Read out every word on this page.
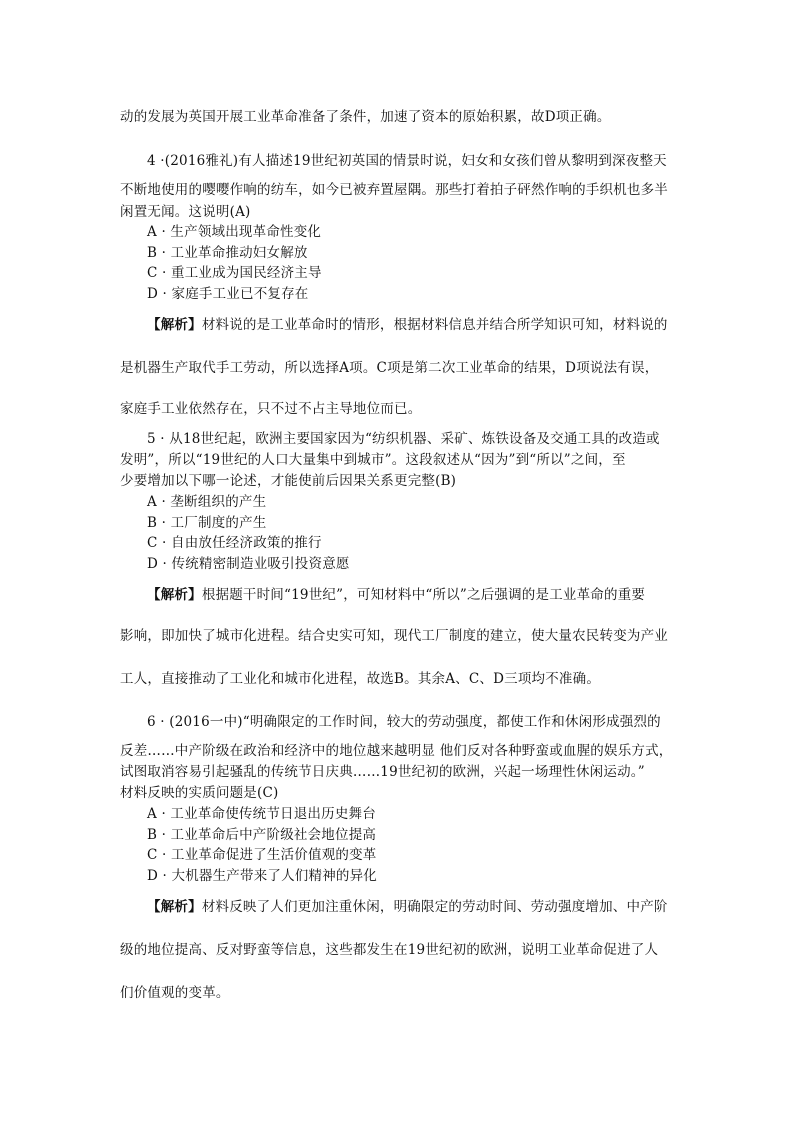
动的发展为英国开展工业革命准备了条件，加速了资本的原始积累，故D项正确。
4 ·(2016雅礼)有人描述19世纪初英国的情景时说，妇女和女孩们曾从黎明到深夜整天
不断地使用的嘤嘤作响的纺车，如今已被弃置屋隅。那些打着拍子砰然作响的手织机也多半
闲置无闻。这说明(A)
A · 生产领域出现革命性变化
B · 工业革命推动妇女解放
C · 重工业成为国民经济主导
D · 家庭手工业已不复存在
【解析】材料说的是工业革命时的情形，根据材料信息并结合所学知识可知，材料说的
是机器生产取代手工劳动，所以选择A项。C项是第二次工业革命的结果，D项说法有误，
家庭手工业依然存在，只不过不占主导地位而已。
5 · 从18世纪起，欧洲主要国家因为“纺织机器、采矿、炼铁设备及交通工具的改造或
发明”，所以“19世纪的人口大量集中到城市”。这段叙述从“因为”到“所以”之间，至
少要增加以下哪一论述，才能使前后因果关系更完整(B)
A · 垄断组织的产生
B · 工厂制度的产生
C · 自由放任经济政策的推行
D · 传统精密制造业吸引投资意愿
【解析】根据题干时间“19世纪”，可知材料中“所以”之后强调的是工业革命的重要
影响，即加快了城市化进程。结合史实可知，现代工厂制度的建立，使大量农民转变为产业
工人，直接推动了工业化和城市化进程，故选B。其余A、C、D三项均不准确。
6 · (2016一中)“明确限定的工作时间，较大的劳动强度，都使工作和休闲形成强烈的
反差……中产阶级在政治和经济中的地位越来越明显 他们反对各种野蛮或血腥的娱乐方式，
试图取消容易引起骚乱的传统节日庆典……19世纪初的欧洲，兴起一场理性休闲运动。”
材料反映的实质问题是(C)
A · 工业革命使传统节日退出历史舞台
B · 工业革命后中产阶级社会地位提高
C · 工业革命促进了生活价值观的变革
D · 大机器生产带来了人们精神的异化
【解析】材料反映了人们更加注重休闲，明确限定的劳动时间、劳动强度增加、中产阶
级的地位提高、反对野蛮等信息，这些都发生在19世纪初的欧洲，说明工业革命促进了人
们价值观的变革。
